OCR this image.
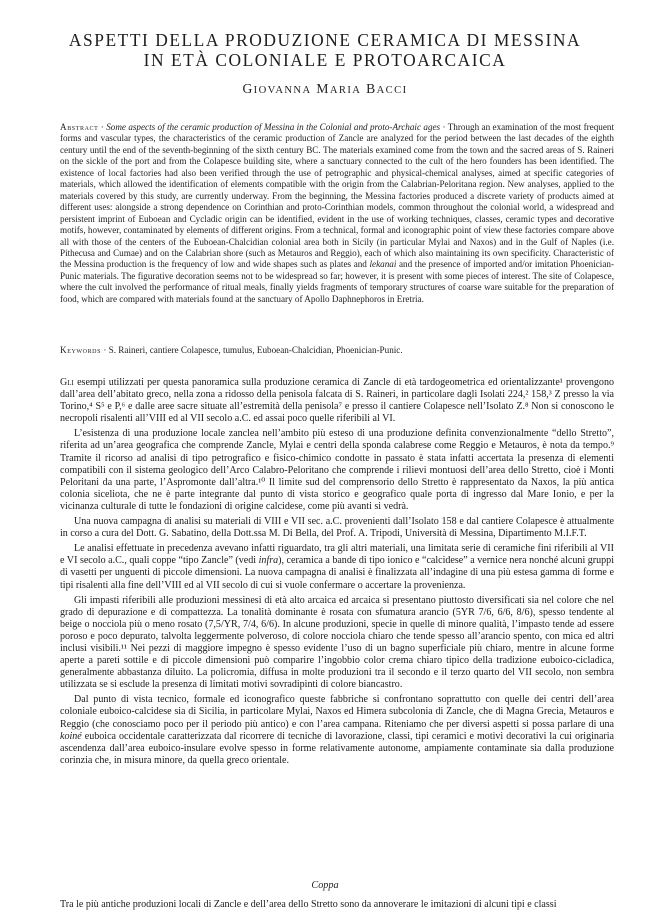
ASPETTI DELLA PRODUZIONE CERAMICA DI MESSINA
IN ETÀ COLONIALE E PROTOARCAICA
GIOVANNA MARIA BACCI
Abstract · Some aspects of the ceramic production of Messina in the Colonial and proto-Archaic ages · Through an examination of the most frequent forms and vascular types, the characteristics of the ceramic production of Zancle are analyzed for the period between the last decades of the eighth century until the end of the seventh-beginning of the sixth century BC. The materials examined come from the town and the sacred areas of S. Raineri on the sickle of the port and from the Colapesce building site, where a sanctuary connected to the cult of the hero founders has been identified. The existence of local factories had also been verified through the use of petrographic and physical-chemical analyses, aimed at specific categories of materials, which allowed the identification of elements compatible with the origin from the Calabrian-Peloritana region. New analyses, applied to the materials covered by this study, are currently underway. From the beginning, the Messina factories produced a discrete variety of products aimed at different uses: alongside a strong dependence on Corinthian and proto-Corinthian models, common throughout the colonial world, a widespread and persistent imprint of Euboean and Cycladic origin can be identified, evident in the use of working techniques, classes, ceramic types and decorative motifs, however, contaminated by elements of different origins. From a technical, formal and iconographic point of view these factories compare above all with those of the centers of the Euboean-Chalcidian colonial area both in Sicily (in particular Mylai and Naxos) and in the Gulf of Naples (i.e. Pithecusa and Cumae) and on the Calabrian shore (such as Metauros and Reggio), each of which also maintaining its own specificity. Characteristic of the Messina production is the frequency of low and wide shapes such as plates and lekanai and the presence of imported and/or imitation Phoenician-Punic materials. The figurative decoration seems not to be widespread so far; however, it is present with some pieces of interest. The site of Colapesce, where the cult involved the performance of ritual meals, finally yields fragments of temporary structures of coarse ware suitable for the preparation of food, which are compared with materials found at the sanctuary of Apollo Daphnephoros in Eretria.
Keywords · S. Raineri, cantiere Colapesce, tumulus, Euboean-Chalcidian, Phoenician-Punic.

Gli esempi utilizzati per questa panoramica sulla produzione ceramica di Zancle di età tardogeometrica ed orientalizzante¹ provengono dall’area dell’abitato greco, nella zona a ridosso della penisola falcata di S. Raineri, in particolare dagli Isolati 224,² 158,³ Z presso la via Torino,⁴ S⁵ e P,⁶ e dalle aree sacre situate all’estremità della penisola⁷ e presso il cantiere Colapesce nell’Isolato Z.⁸ Non si conoscono le necropoli risalenti all’VIII ed al VII secolo a.C. ed assai poco quelle riferibili al VI.

L’esistenza di una produzione locale zanclea nell’ambito più esteso di una produzione definita convenzionalmente “dello Stretto”, riferita ad un’area geografica che comprende Zancle, Mylai e centri della sponda calabrese come Reggio e Metauros, è nota da tempo.⁹ Tramite il ricorso ad analisi di tipo petrografico e fisico-chimico condotte in passato è stata infatti accertata la presenza di elementi compatibili con il sistema geologico dell’Arco Calabro-Peloritano che comprende i rilievi montuosi dell’area dello Stretto, cioè i Monti Peloritani da una parte, l’Aspromonte dall’altra.¹⁰ Il limite sud del comprensorio dello Stretto è rappresentato da Naxos, la più antica colonia siceliota, che ne è parte integrante dal punto di vista storico e geografico quale porta di ingresso dal Mare Ionio, e per la vicinanza culturale di tutte le fondazioni di origine calcidese, come più avanti si vedrà.

Una nuova campagna di analisi su materiali di VIII e VII sec. a.C. provenienti dall’Isolato 158 e dal cantiere Colapesce è attualmente in corso a cura del Dott. G. Sabatino, della Dott.ssa M. Di Bella, del Prof. A. Tripodi, Università di Messina, Dipartimento M.I.F.T.

Le analisi effettuate in precedenza avevano infatti riguardato, tra gli altri materiali, una limitata serie di ceramiche fini riferibili al VII e VI secolo a.C., quali coppe “tipo Zancle” (vedi infra), ceramica a bande di tipo ionico e “calcidese” a vernice nera nonché alcuni gruppi di vasetti per unguenti di piccole dimensioni. La nuova campagna di analisi è finalizzata all’indagine di una più estesa gamma di forme e tipi risalenti alla fine dell’VIII ed al VII secolo di cui si vuole confermare o accertare la provenienza.

Gli impasti riferibili alle produzioni messinesi di età alto arcaica ed arcaica si presentano piuttosto diversificati sia nel colore che nel grado di depurazione e di compattezza. La tonalità dominante è rosata con sfumatura arancio (5YR 7/6, 6/6, 8/6), spesso tendente al beige o nocciola più o meno rosato (7,5/YR, 7/4, 6/6). In alcune produzioni, specie in quelle di minore qualità, l’impasto tende ad essere poroso e poco depurato, talvolta leggermente polveroso, di colore nocciola chiaro che tende spesso all’arancio spento, con mica ed altri inclusi visibili.¹¹ Nei pezzi di maggiore impegno è spesso evidente l’uso di un bagno superficiale più chiaro, mentre in alcune forme aperte a pareti sottile e di piccole dimensioni può comparire l’ingobbio color crema chiaro tipico della tradizione euboico-cicladica, generalmente abbastanza diluito. La policromia, diffusa in molte produzioni tra il secondo e il terzo quarto del VII secolo, non sembra utilizzata se si esclude la presenza di limitati motivi sovradipinti di colore biancastro.

Dal punto di vista tecnico, formale ed iconografico queste fabbriche si confrontano soprattutto con quelle dei centri dell’area coloniale euboico-calcidese sia di Sicilia, in particolare Mylai, Naxos ed Himera subcolonia di Zancle, che di Magna Grecia, Metauros e Reggio (che conosciamo poco per il periodo più antico) e con l’area campana. Riteniamo che per diversi aspetti si possa parlare di una koiné euboica occidentale caratterizzata dal ricorrere di tecniche di lavorazione, classi, tipi ceramici e motivi decorativi la cui originaria ascendenza dall’area euboico-insulare evolve spesso in forme relativamente autonome, ampiamente contaminate sia dalla produzione corinzia che, in misura minore, da quella greco orientale.

Coppa
Tra le più antiche produzioni locali di Zancle e dell’area dello Stretto sono da annoverare le imitazioni di alcuni tipi e classi
